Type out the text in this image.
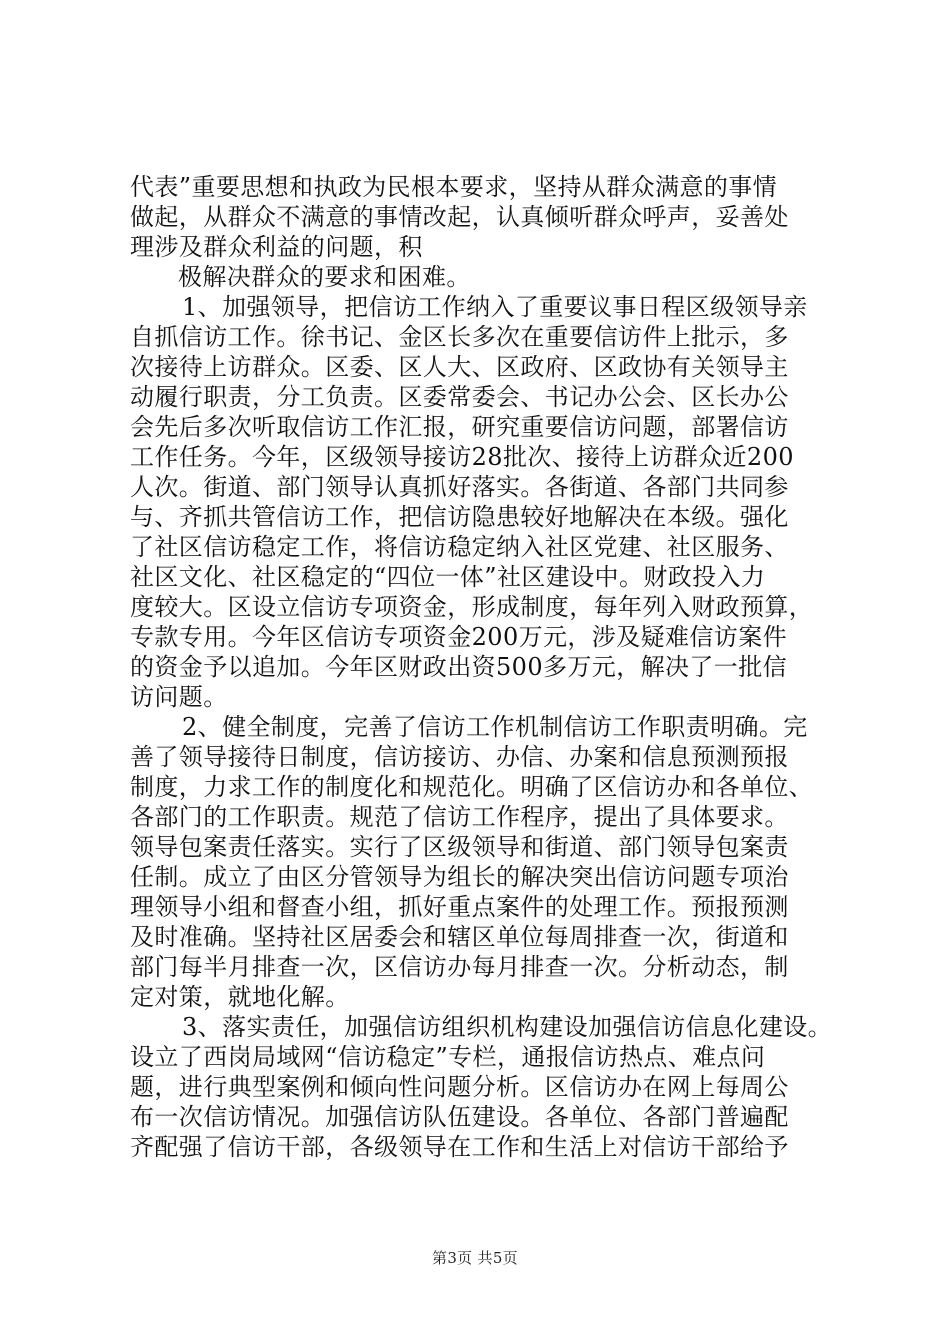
代表”重要思想和执政为民根本要求，坚持从群众满意的事情
做起，从群众不满意的事情改起，认真倾听群众呼声，妥善处
理涉及群众利益的问题，积
极解决群众的要求和困难。
1、加强领导，把信访工作纳入了重要议事日程区级领导亲
自抓信访工作。徐书记、金区长多次在重要信访件上批示，多
次接待上访群众。区委、区人大、区政府、区政协有关领导主
动履行职责，分工负责。区委常委会、书记办公会、区长办公
会先后多次听取信访工作汇报，研究重要信访问题，部署信访
工作任务。今年，区级领导接访28批次、接待上访群众近200
人次。街道、部门领导认真抓好落实。各街道、各部门共同参
与、齐抓共管信访工作，把信访隐患较好地解决在本级。强化
了社区信访稳定工作，将信访稳定纳入社区党建、社区服务、
社区文化、社区稳定的“四位一体”社区建设中。财政投入力
度较大。区设立信访专项资金，形成制度，每年列入财政预算，
专款专用。今年区信访专项资金200万元，涉及疑难信访案件
的资金予以追加。今年区财政出资500多万元，解决了一批信
访问题。
2、健全制度，完善了信访工作机制信访工作职责明确。完
善了领导接待日制度，信访接访、办信、办案和信息预测预报
制度，力求工作的制度化和规范化。明确了区信访办和各单位、
各部门的工作职责。规范了信访工作程序，提出了具体要求。
领导包案责任落实。实行了区级领导和街道、部门领导包案责
任制。成立了由区分管领导为组长的解决突出信访问题专项治
理领导小组和督查小组，抓好重点案件的处理工作。预报预测
及时准确。坚持社区居委会和辖区单位每周排查一次，街道和
部门每半月排查一次，区信访办每月排查一次。分析动态，制
定对策，就地化解。
3、落实责任，加强信访组织机构建设加强信访信息化建设。
设立了西岗局域网“信访稳定”专栏，通报信访热点、难点问
题，进行典型案例和倾向性问题分析。区信访办在网上每周公
布一次信访情况。加强信访队伍建设。各单位、各部门普遍配
齐配强了信访干部，各级领导在工作和生活上对信访干部给予
第3页 共5页
